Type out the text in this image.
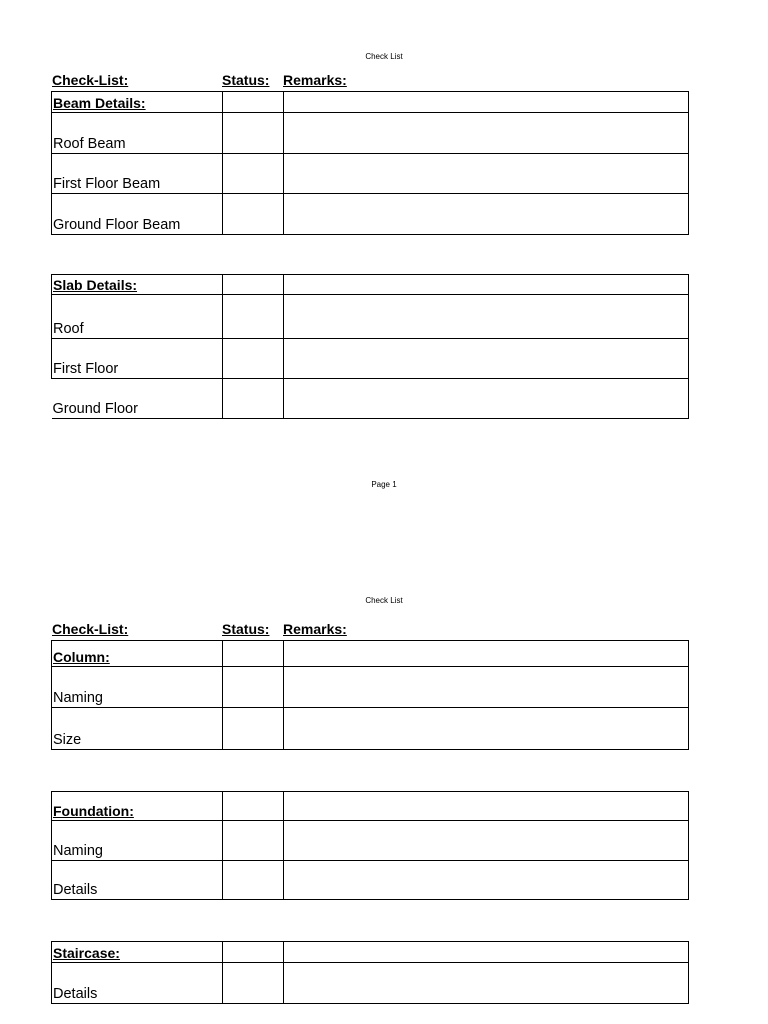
Check List
Check-List:	Status: Remarks:
Beam Details:		
Roof Beam		
First Floor Beam		
Ground Floor Beam		
Slab Details:		
Roof		
First Floor		
Ground Floor		
Page 1
Check List
Check-List:	Status: Remarks:
Column:		
Naming		
Size		
Foundation:		
Naming		
Details		
Staircase:		
Details		
